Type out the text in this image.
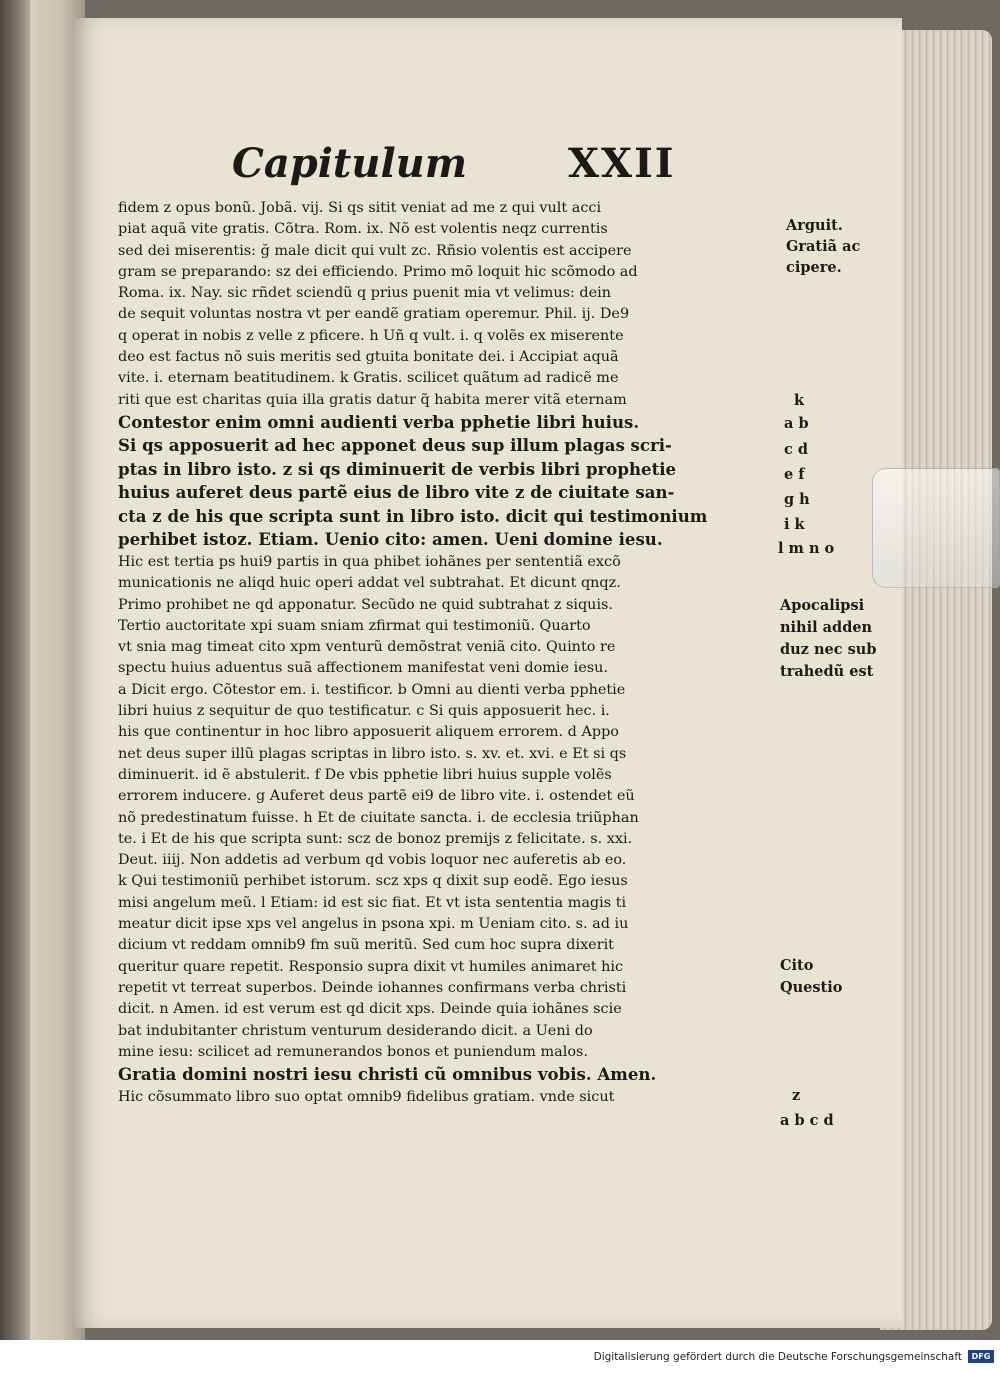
Capitulum	XXII
fidem z opus bonũ. Jobã. vij. Si qs sitit veniat ad me z qui vult acci
piat aquã vite gratis. Cõtra. Rom. ix. Nõ est volentis neqz currentis
sed dei miserentis: ğ male dicit qui vult zc. Rñsio volentis est accipere
gram se preparando: sz dei efficiendo. Primo mõ loquit hic scõmodo ad
Roma. ix. Nay. sic rñdet sciendũ q prius puenit mia vt velimus: dein
de sequit voluntas nostra vt per eandẽ gratiam operemur. Phil. ij. De9
q operat in nobis z velle z pficere. h Uñ q vult. i. q volẽs ex miserente
deo est factus nõ suis meritis sed gtuita bonitate dei. i Accipiat aquã
vite. i. eternam beatitudinem. k Gratis. scilicet quãtum ad radicẽ me
riti que est charitas quia illa gratis datur q̃ habita merer vitã eternam
Contestor enim omni audienti verba pphetie libri huius.
Si qs apposuerit ad hec apponet deus sup illum plagas scri-
ptas in libro isto. z si qs diminuerit de verbis libri prophetie
huius auferet deus partẽ eius de libro vite z de ciuitate san-
cta z de his que scripta sunt in libro isto. dicit qui testimonium
perhibet istoz. Etiam. Uenio cito: amen. Ueni domine iesu.
Hic est tertia ps hui9 partis in qua phibet iohãnes per sententiã excõ
municationis ne aliqd huic operi addat vel subtrahat. Et dicunt qnqz.
Primo prohibet ne qd apponatur. Secũdo ne quid subtrahat z siquis.
Tertio auctoritate xpi suam sniam zfirmat qui testimoniũ. Quarto
vt snia mag timeat cito xpm venturũ demõstrat veniã cito. Quinto re
spectu huius aduentus suã affectionem manifestat veni domie iesu.
a Dicit ergo. Cõtestor em. i. testificor. b Omni au dienti verba pphetie
libri huius z sequitur de quo testificatur. c Si quis apposuerit hec. i.
his que continentur in hoc libro apposuerit aliquem errorem. d Appo
net deus super illũ plagas scriptas in libro isto. s. xv. et. xvi. e Et si qs
diminuerit. id ẽ abstulerit. f De vbis pphetie libri huius supple volẽs
errorem inducere. g Auferet deus partẽ ei9 de libro vite. i. ostendet eũ
nõ predestinatum fuisse. h Et de ciuitate sancta. i. de ecclesia triũphan
te. i Et de his que scripta sunt: scz de bonoz premijs z felicitate. s. xxi.
Deut. iiij. Non addetis ad verbum qd vobis loquor nec auferetis ab eo.
k Qui testimoniũ perhibet istorum. scz xps q dixit sup eodẽ. Ego iesus
misi angelum meũ. l Etiam: id est sic fiat. Et vt ista sententia magis ti
meatur dicit ipse xps vel angelus in psona xpi. m Ueniam cito. s. ad iu
dicium vt reddam omnib9 fm suũ meritũ. Sed cum hoc supra dixerit
queritur quare repetit. Responsio supra dixit vt humiles animaret hic
repetit vt terreat superbos. Deinde iohannes confirmans verba christi
dicit. n Amen. id est verum est qd dicit xps. Deinde quia iohãnes scie
bat indubitanter christum venturum desiderando dicit. a Ueni do
mine iesu: scilicet ad remunerandos bonos et puniendum malos.
Gratia domini nostri iesu christi cũ omnibus vobis. Amen.
Hic cõsummato libro suo optat omnib9 fidelibus gratiam. vnde sicut
Arguit.
Gratiã ac
cipere.
k
a b
c d
e f
g h
i k
l m n o
Apocalipsi
nihil adden
duz nec sub
trahedũ est
Cito
Questio
z
a b c d
Digitalisierung gefördert durch die Deutsche Forschungsgemeinschaft	DFG
